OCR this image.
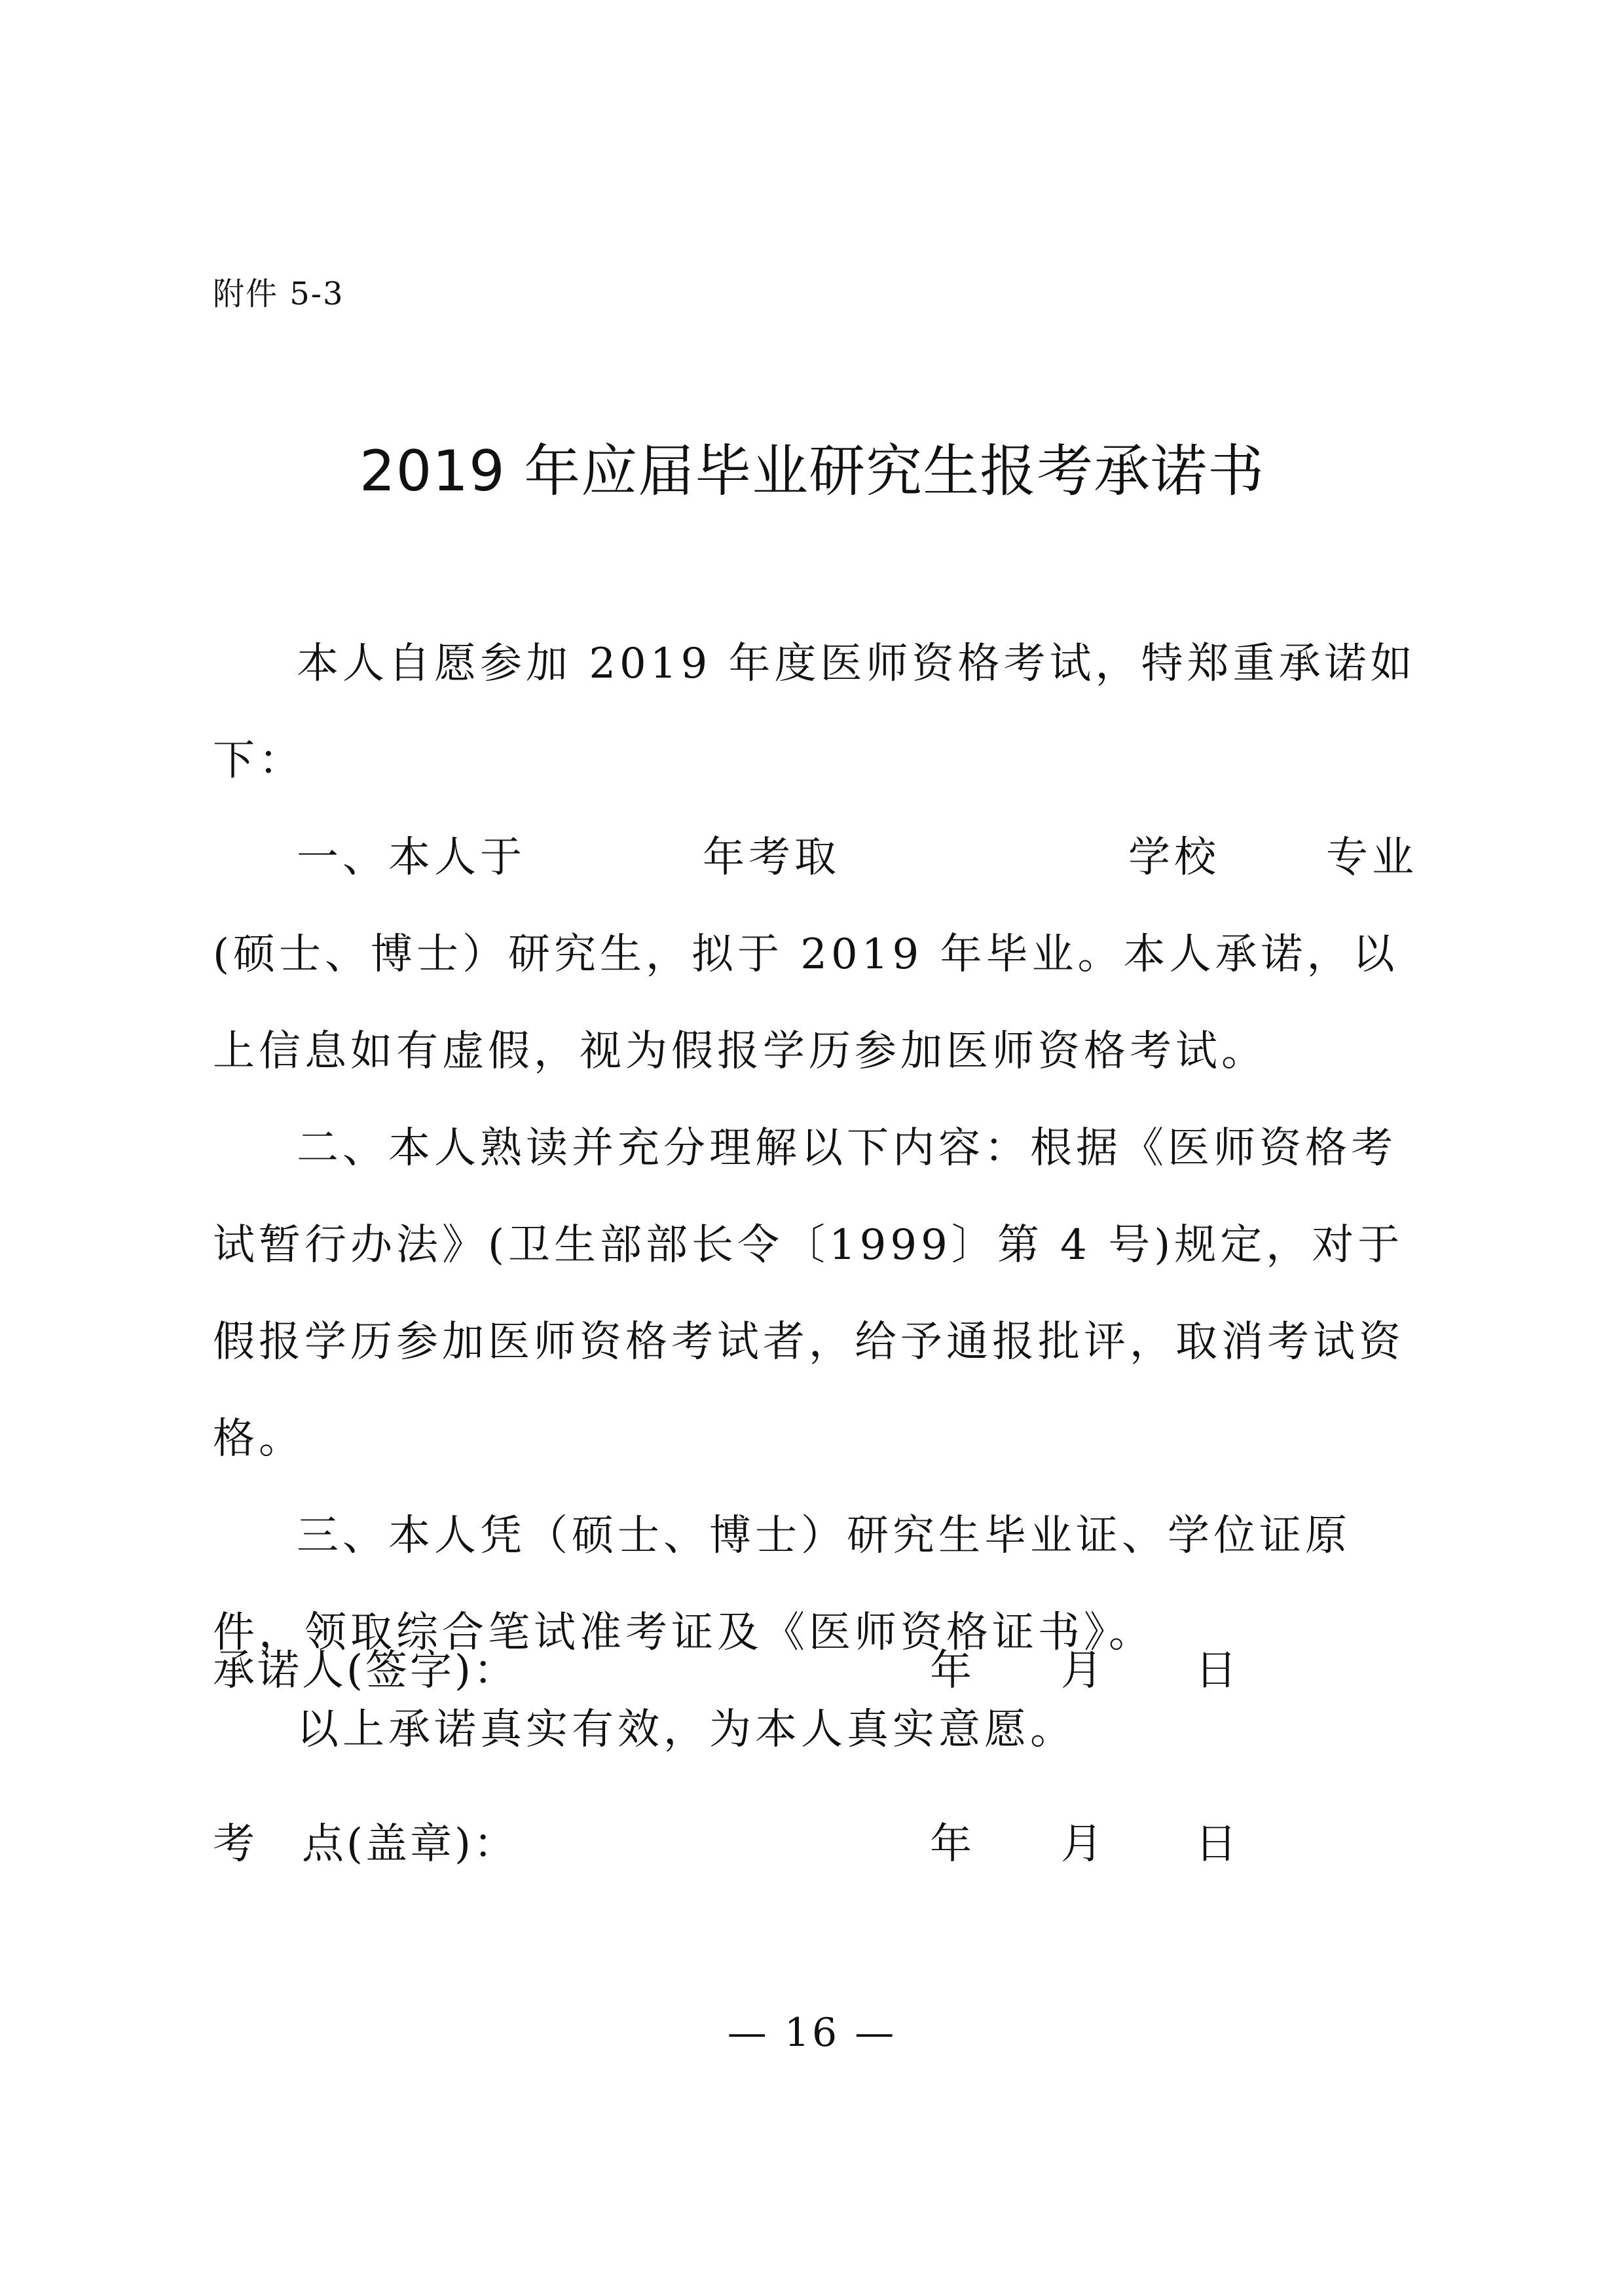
附件 5-3
2019 年应届毕业研究生报考承诺书

本人自愿参加 2019 年度医师资格考试，特郑重承诺如下：

一、本人于	年考取	学校	专业

(硕士、博士）研究生，拟于 2019 年毕业。本人承诺，以上信息如有虚假，视为假报学历参加医师资格考试。

二、本人熟读并充分理解以下内容：根据《医师资格考试暂行办法》(卫生部部长令〔1999〕第 4 号)规定，对于假报学历参加医师资格考试者，给予通报批评，取消考试资格。

三、本人凭（硕士、博士）研究生毕业证、学位证原件，领取综合笔试准考证及《医师资格证书》。

以上承诺真实有效，为本人真实意愿。

承诺人(签字)：	年 月 日
考　点(盖章)：	年 月 日
— 16 —
